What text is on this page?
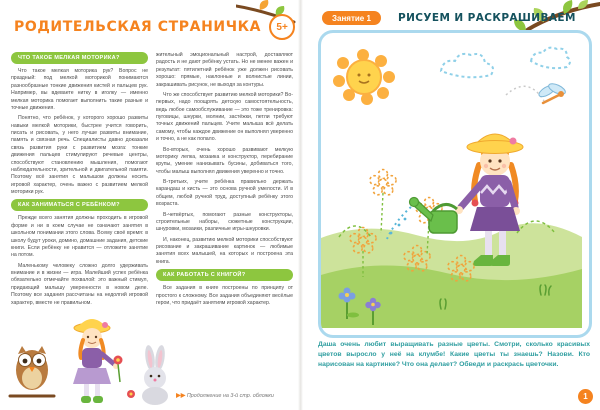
РОДИТЕЛЬСКАЯ СТРАНИЧКА	5+
ЧТО ТАКОЕ МЕЛКАЯ МОТОРИКА?

Что такое мелкая моторика рук? Вопрос не праздный: под мелкой моторикой понимаются разнообразные тонкие движения кистей и пальцев рук. Например, вы вдеваете нитку в иголку — именно мелкая моторика помогает выполнить такие разные и точные движения.

Понятно, что ребёнок, у которого хорошо развиты навыки мелкой моторики, быстрее учится говорить, писать и рисовать, у него лучше развиты внимание, память и связная речь. Специалисты давно доказали связь развития руки с развитием мозга: тонкие движения пальцев стимулируют речевые центры, способствуют становлению мышления, помогают наблюдательности, зрительной и двигательной памяти. Поэтому всё занятия с малышом должны носить игровой характер, очень важно с развитием мелкой моторики рук.

КАК ЗАНИМАТЬСЯ С РЕБЁНКОМ?

Прежде всего занятия должны проходить в игровой форме и ни в коем случае не означают занятия в школьном понимании этого слова. Всему своё время: в школу будут уроки, домино, домашние задания, детские книги. Если ребёнку не нравится — отложите занятие на потом.

Маленькому человеку сложно долго удерживать внимание и в жизни — игра. Малейший успех ребёнка обязательно отмечайте похвалой: это важный стимул, придающий малышу уверенности в новом деле. Поэтому все задания рассчитаны на недолгий игровой характер, вместе не правильном.

жительный эмоциональный настрой, доставляют радость и не дают ребёнку устать. Но не менее важен и результат: пятилетний ребёнок уже должен рисовать хорошо: прямые, наклонные и волнистые линии, закрашивать рисунок, не выходя за контуры.

Что же способствует развитию мелкой моторики? Во-первых, надо поощрять детскую самостоятельность, ведь любое самообслуживание — это тоже тренировка: пуговицы, шнурки, молнии, застёжки, петли требуют точных движений пальцев. Учите малыша всё делать самому, чтобы каждое движение он выполнял уверенно и точно, а не как попало.

Во-вторых, очень хорошо развивают мелкую моторику лепка, мозаика и конструктор, перебирание крупы, умение нанизывать бусины, добиваться того, чтобы малыш выполнял движения уверенно и точно.

В-третьих, учите ребёнка правильно держать карандаш и кисть — это основа ручной умелости. И в общем, любой ручной труд, доступный ребёнку этого возраста.

В-четвёртых, помогают разные конструкторы, строительные наборы, сюжетные конструкции, шнуровки, мозаики, различные игры-шнуровки.

И, наконец, развитию мелкой моторики способствуют рисование и закрашивание картинок — любимые занятия всех малышей, на которых и построена эта книга.

КАК РАБОТАТЬ С КНИГОЙ?

Все задания в книге построены по принципу от простого к сложному. Все задания объединяют весёлые герои, что придаёт занятиям игровой характер.

▶▶ Продолжение на 3-й стр. обложки
Занятие 1	РИСУЕМ И РАСКРАШИВАЕМ
Даша очень любит выращивать разные цветы. Смотри, сколько красивых цветов выросло у неё на клумбе! Какие цветы ты знаешь? Назови. Кто нарисован на картинке? Что она делает? Обведи и раскрась цветочки.
1
